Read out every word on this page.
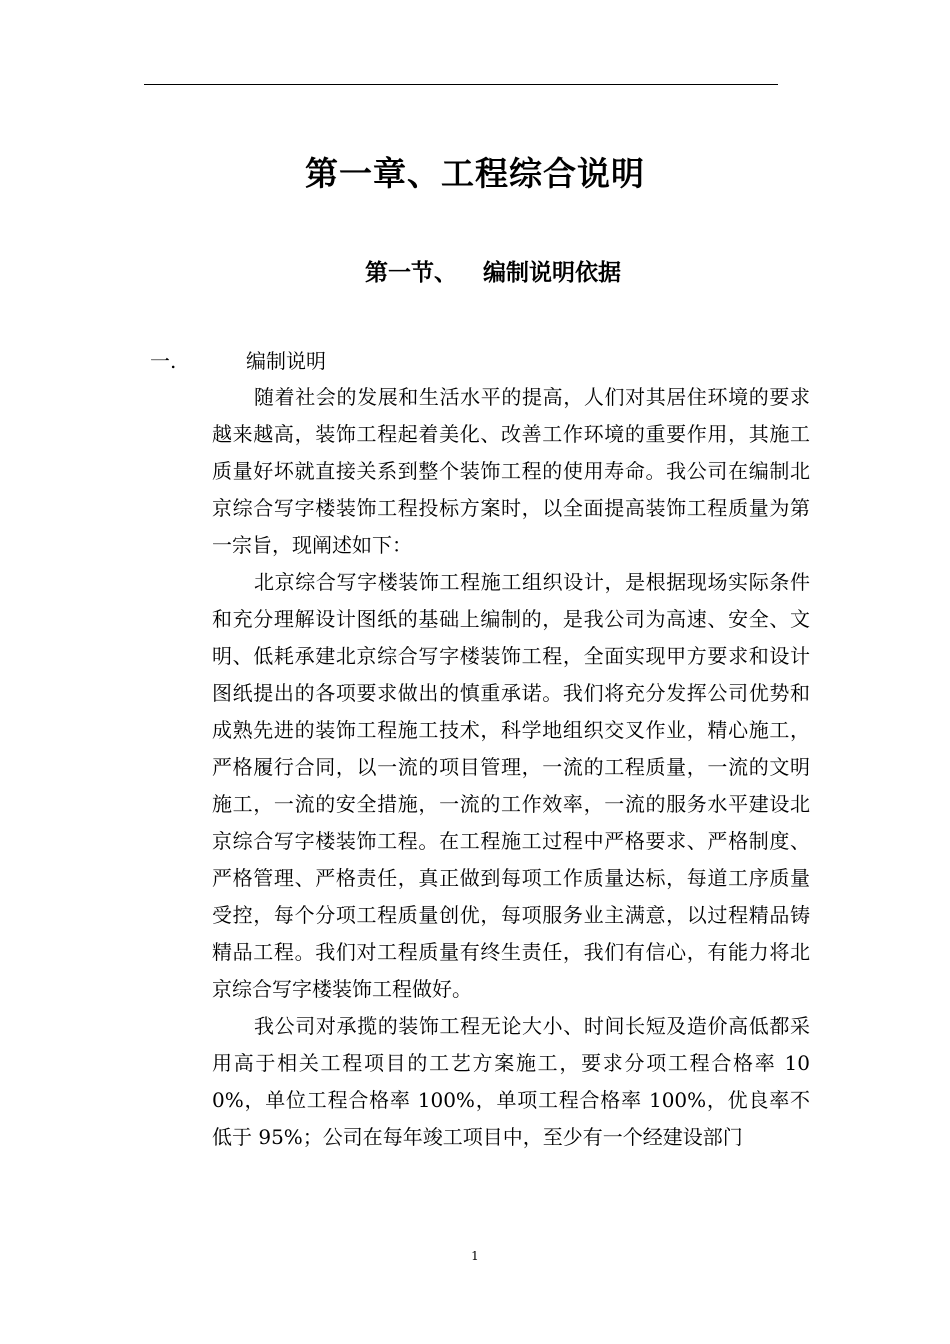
第一章、工程综合说明
第一节、 编制说明依据
一.	编制说明

随着社会的发展和生活水平的提高，人们对其居住环境的要求越来越高，装饰工程起着美化、改善工作环境的重要作用，其施工质量好坏就直接关系到整个装饰工程的使用寿命。我公司在编制北京综合写字楼装饰工程投标方案时，以全面提高装饰工程质量为第一宗旨，现阐述如下：

北京综合写字楼装饰工程施工组织设计，是根据现场实际条件和充分理解设计图纸的基础上编制的，是我公司为高速、安全、文明、低耗承建北京综合写字楼装饰工程，全面实现甲方要求和设计图纸提出的各项要求做出的慎重承诺。我们将充分发挥公司优势和成熟先进的装饰工程施工技术，科学地组织交叉作业，精心施工，严格履行合同，以一流的项目管理，一流的工程质量，一流的文明施工，一流的安全措施，一流的工作效率，一流的服务水平建设北京综合写字楼装饰工程。在工程施工过程中严格要求、严格制度、严格管理、严格责任，真正做到每项工作质量达标，每道工序质量受控，每个分项工程质量创优，每项服务业主满意，以过程精品铸精品工程。我们对工程质量有终生责任，我们有信心，有能力将北京综合写字楼装饰工程做好。

我公司对承揽的装饰工程无论大小、时间长短及造价高低都采用高于相关工程项目的工艺方案施工，要求分项工程合格率 100%，单位工程合格率 100%，单项工程合格率 100%，优良率不低于 95%；公司在每年竣工项目中，至少有一个经建设部门

1
